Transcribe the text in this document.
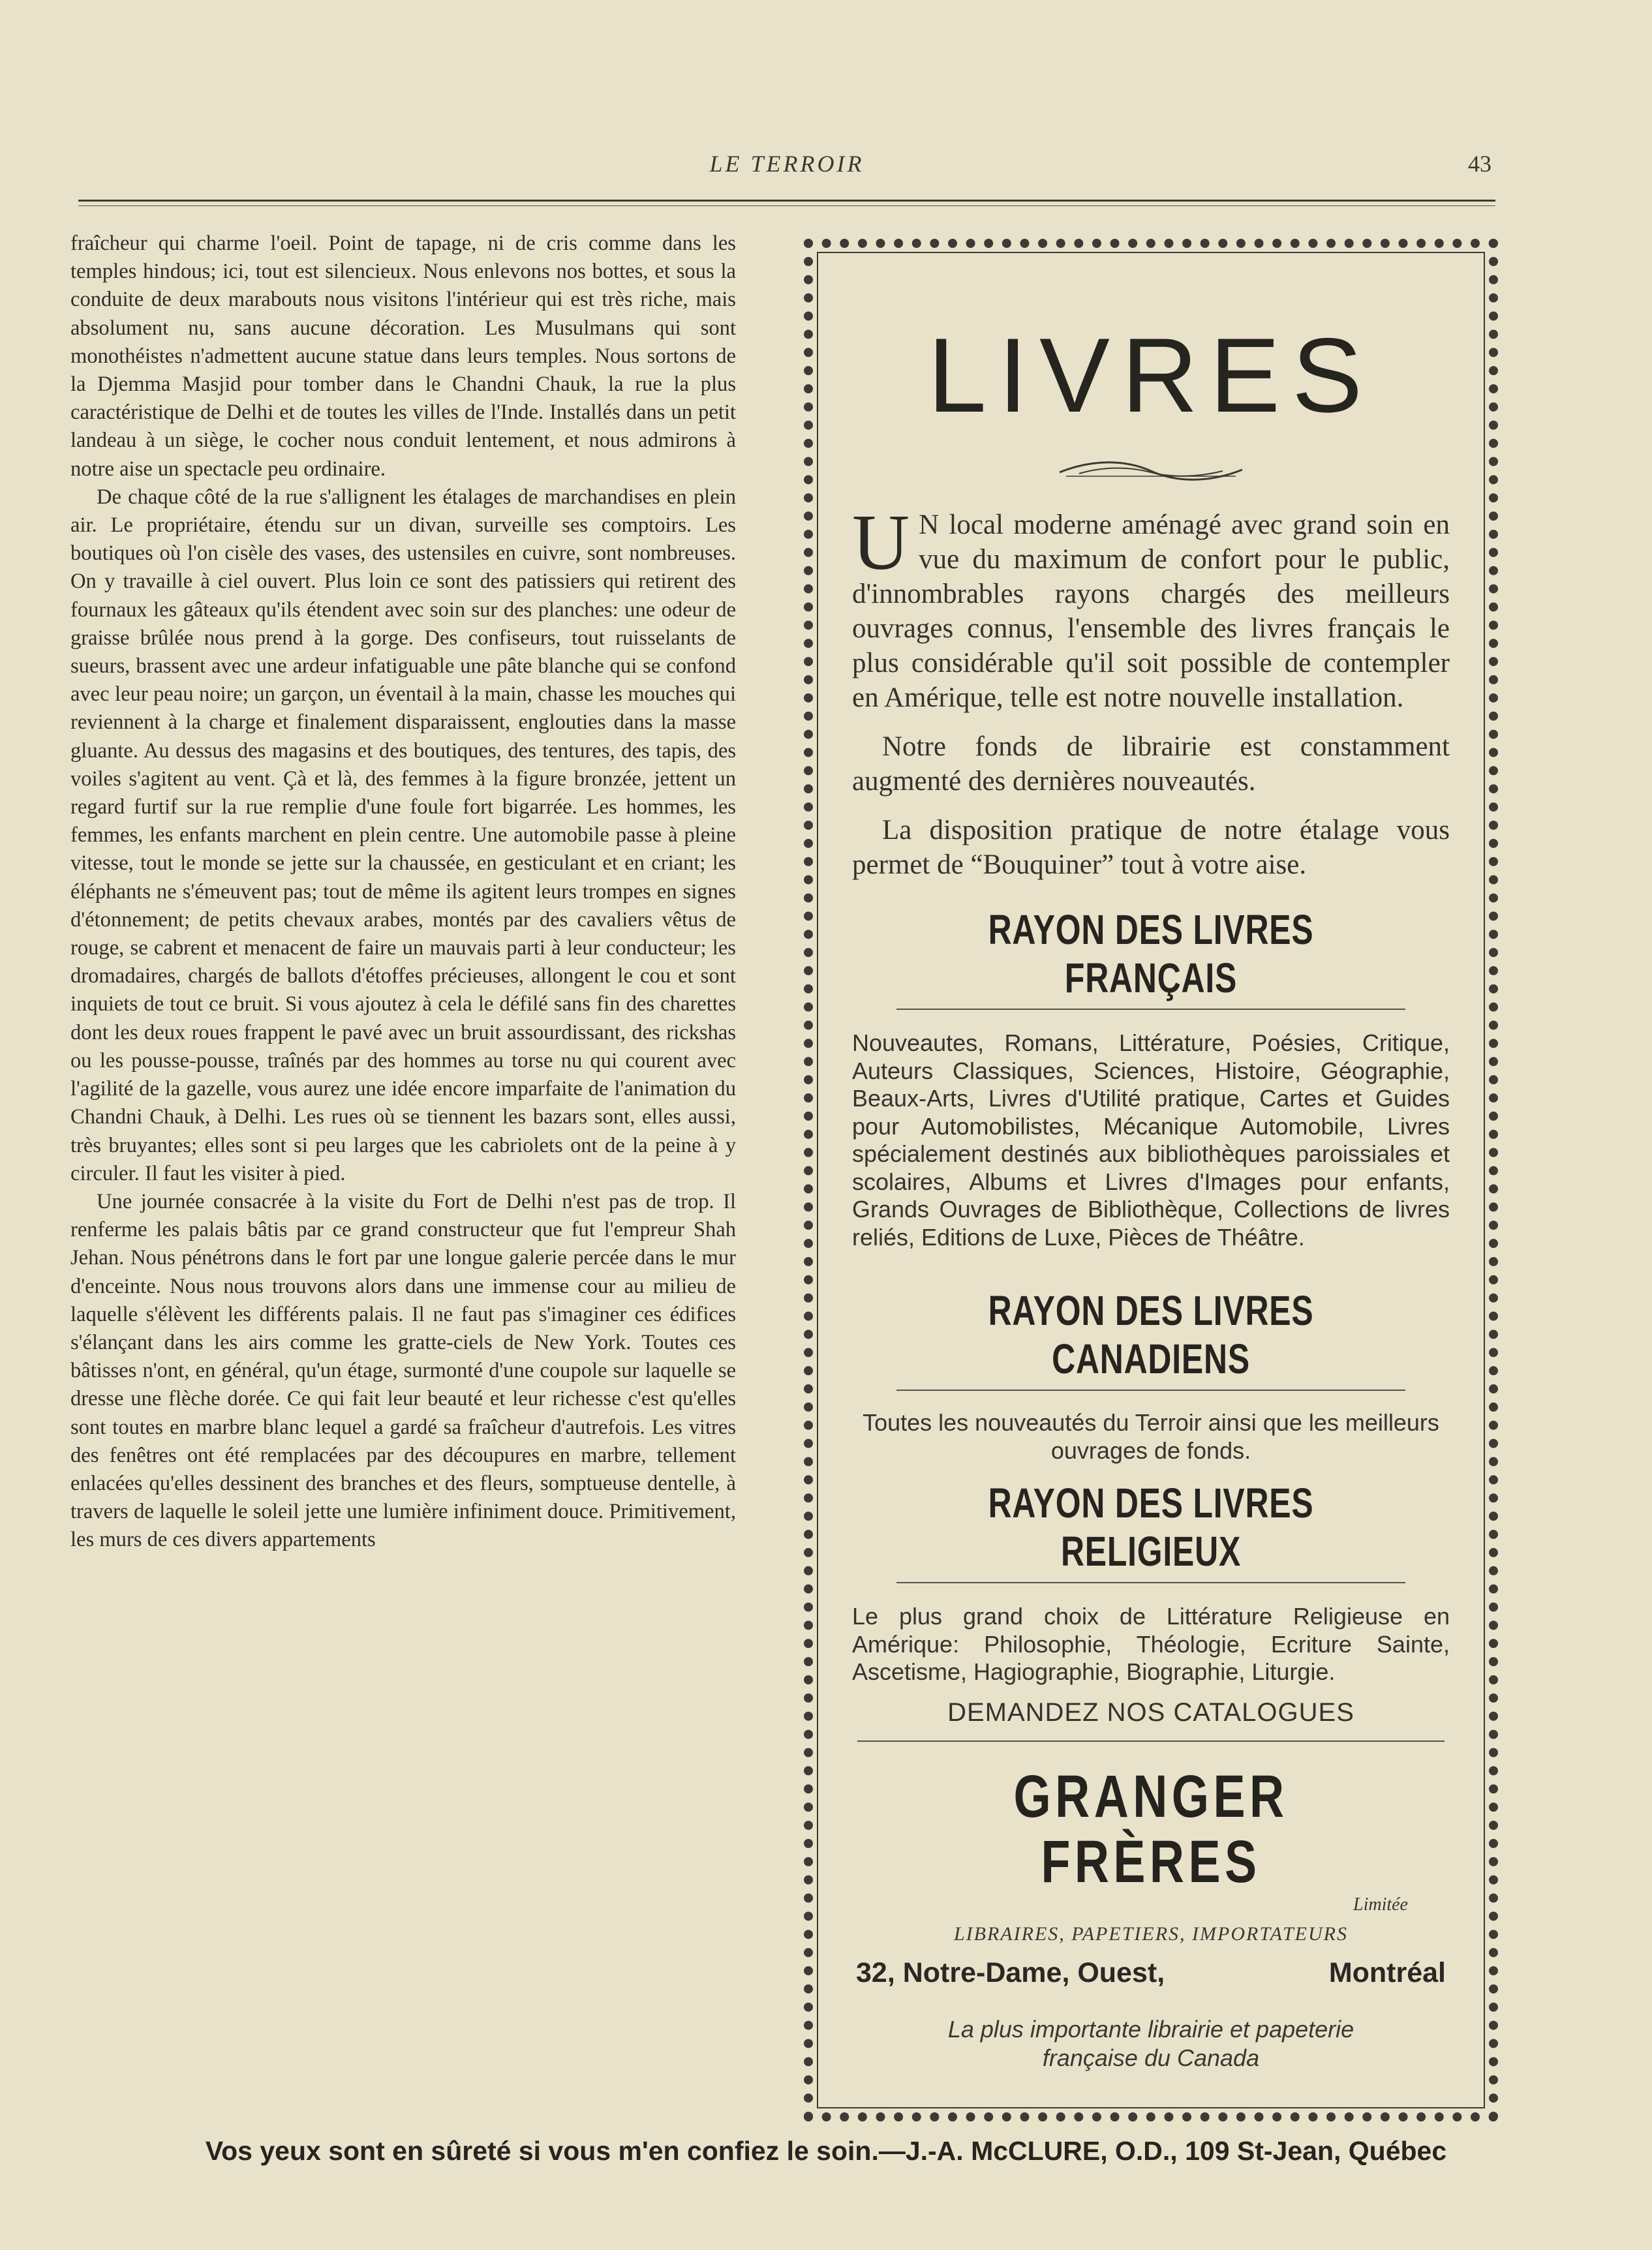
LE TERROIR	43

fraîcheur qui charme l'oeil. Point de tapage, ni de cris comme dans les temples hindous; ici, tout est silencieux. Nous enlevons nos bottes, et sous la conduite de deux marabouts nous visitons l'intérieur qui est très riche, mais absolument nu, sans aucune décoration. Les Musulmans qui sont monothéistes n'admettent aucune statue dans leurs temples. Nous sortons de la Djemma Masjid pour tomber dans le Chandni Chauk, la rue la plus caractéristique de Delhi et de toutes les villes de l'Inde. Installés dans un petit landeau à un siège, le cocher nous conduit lentement, et nous admirons à notre aise un spectacle peu ordinaire.

De chaque côté de la rue s'allignent les étalages de marchandises en plein air. Le propriétaire, étendu sur un divan, surveille ses comptoirs. Les boutiques où l'on cisèle des vases, des ustensiles en cuivre, sont nombreuses. On y travaille à ciel ouvert. Plus loin ce sont des patissiers qui retirent des fournaux les gâteaux qu'ils étendent avec soin sur des planches: une odeur de graisse brûlée nous prend à la gorge. Des confiseurs, tout ruisselants de sueurs, brassent avec une ardeur infatiguable une pâte blanche qui se confond avec leur peau noire; un garçon, un éventail à la main, chasse les mouches qui reviennent à la charge et finalement disparaissent, englouties dans la masse gluante. Au dessus des magasins et des boutiques, des tentures, des tapis, des voiles s'agitent au vent. Çà et là, des femmes à la figure bronzée, jettent un regard furtif sur la rue remplie d'une foule fort bigarrée. Les hommes, les femmes, les enfants marchent en plein centre. Une automobile passe à pleine vitesse, tout le monde se jette sur la chaussée, en gesticulant et en criant; les éléphants ne s'émeuvent pas; tout de même ils agitent leurs trompes en signes d'étonnement; de petits chevaux arabes, montés par des cavaliers vêtus de rouge, se cabrent et menacent de faire un mauvais parti à leur conducteur; les dromadaires, chargés de ballots d'étoffes précieuses, allongent le cou et sont inquiets de tout ce bruit. Si vous ajoutez à cela le défilé sans fin des charettes dont les deux roues frappent le pavé avec un bruit assourdissant, des rickshas ou les pousse-pousse, traînés par des hommes au torse nu qui courent avec l'agilité de la gazelle, vous aurez une idée encore imparfaite de l'animation du Chandni Chauk, à Delhi. Les rues où se tiennent les bazars sont, elles aussi, très bruyantes; elles sont si peu larges que les cabriolets ont de la peine à y circuler. Il faut les visiter à pied.

Une journée consacrée à la visite du Fort de Delhi n'est pas de trop. Il renferme les palais bâtis par ce grand constructeur que fut l'empreur Shah Jehan. Nous pénétrons dans le fort par une longue galerie percée dans le mur d'enceinte. Nous nous trouvons alors dans une immense cour au milieu de laquelle s'élèvent les différents palais. Il ne faut pas s'imaginer ces édifices s'élançant dans les airs comme les gratte-ciels de New York. Toutes ces bâtisses n'ont, en général, qu'un étage, surmonté d'une coupole sur laquelle se dresse une flèche dorée. Ce qui fait leur beauté et leur richesse c'est qu'elles sont toutes en marbre blanc lequel a gardé sa fraîcheur d'autrefois. Les vitres des fenêtres ont été remplacées par des découpures en marbre, tellement enlacées qu'elles dessinent des branches et des fleurs, somptueuse dentelle, à travers de laquelle le soleil jette une lumière infiniment douce. Primitivement, les murs de ces divers appartements

LIVRES
U N local moderne aménagé avec grand soin en vue du maximum de confort pour le public, d'innombrables rayons chargés des meilleurs ouvrages connus, l'ensemble des livres français le plus considérable qu'il soit possible de contempler en Amérique, telle est notre nouvelle installation.

Notre fonds de librairie est constamment augmenté des dernières nouveautés.

La disposition pratique de notre étalage vous permet de “Bouquiner” tout à votre aise.

RAYON DES LIVRES FRANÇAIS
Nouveautes, Romans, Littérature, Poésies, Critique, Auteurs Classiques, Sciences, Histoire, Géographie, Beaux-Arts, Livres d'Utilité pratique, Cartes et Guides pour Automobilistes, Mécanique Automobile, Livres spécialement destinés aux bibliothèques paroissiales et scolaires, Albums et Livres d'Images pour enfants, Grands Ouvrages de Bibliothèque, Collections de livres reliés, Editions de Luxe, Pièces de Théâtre.
RAYON DES LIVRES CANADIENS
Toutes les nouveautés du Terroir ainsi que les meilleurs ouvrages de fonds.
RAYON DES LIVRES RELIGIEUX
Le plus grand choix de Littérature Religieuse en Amérique: Philosophie, Théologie, Ecriture Sainte, Ascetisme, Hagiographie, Biographie, Liturgie.
DEMANDEZ NOS CATALOGUES
GRANGER FRÈRES
Limitée
LIBRAIRES, PAPETIERS, IMPORTATEURS
32, Notre-Dame, Ouest,	Montréal
La plus importante librairie et papeterie
française du Canada
Vos yeux sont en sûreté si vous m'en confiez le soin.—J.-A. McCLURE, O.D., 109 St-Jean, Québec
